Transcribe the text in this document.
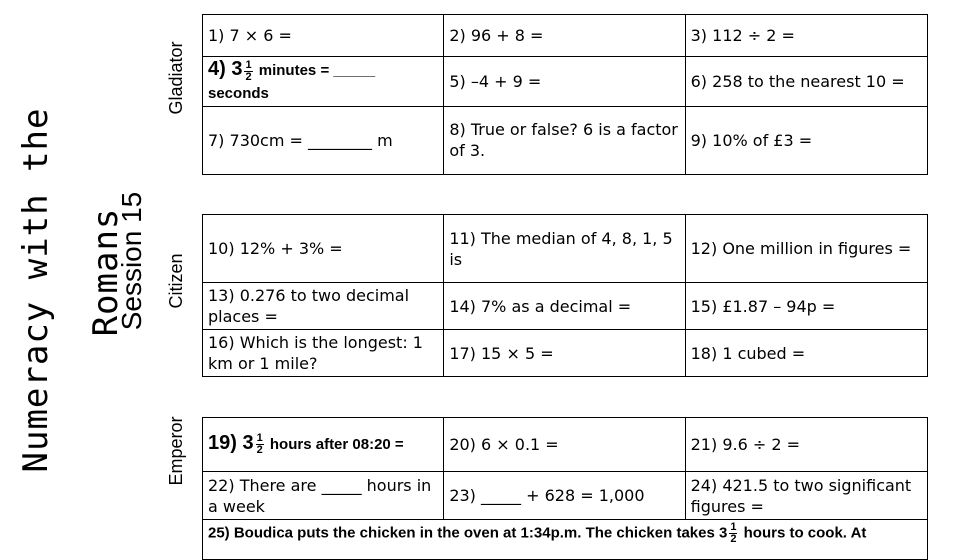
Numeracy with the Romans
Session 15
Gladiator
Citizen
Emperor
1) 7 × 6 =	2) 96 + 8 =	3) 112 ÷ 2 =
4) $3 \frac{1}{2}$ minutes = _____ seconds	5) –4 + 9 =	6) 258 to the nearest 10 =
7) 730cm = ________ m	8) True or false? 6 is a factor of 3.	9) 10% of £3 =
10) 12% + 3% =	11) The median of 4, 8, 1, 5 is	12) One million in figures =
13) 0.276 to two decimal places =	14) 7% as a decimal =	15) £1.87 – 94p =
16) Which is the longest: 1 km or 1 mile?	17) 15 × 5 =	18) 1 cubed =
19) $3 \frac{1}{2}$ hours after 08:20 =	20) 6 × 0.1 =	21) 9.6 ÷ 2 =
22) There are _____ hours in a week	23) _____ + 628 = 1,000	24) 421.5 to two significant figures =
25) Boudica puts the chicken in the oven at 1:34p.m. The chicken takes $3 \frac{1}{2}$ hours to cook. At		
